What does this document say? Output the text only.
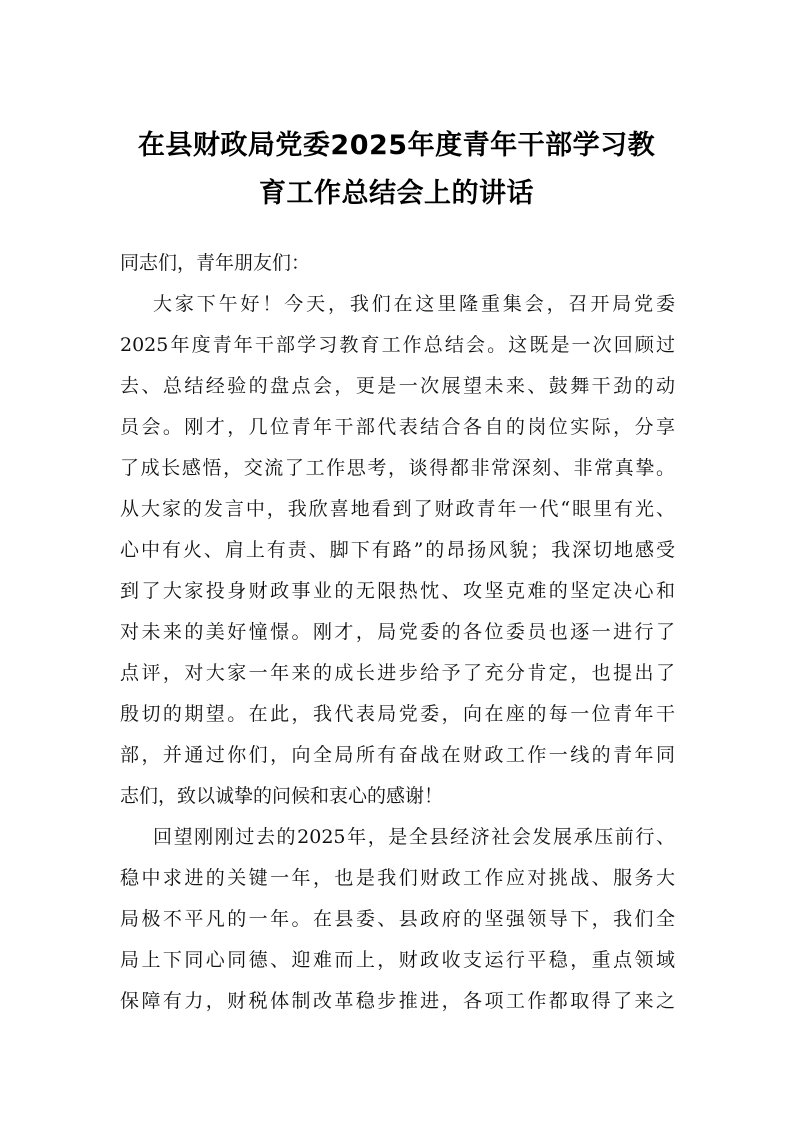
在县财政局党委2025年度青年干部学习教
育工作总结会上的讲话
同志们，青年朋友们：
大家下午好！今天，我们在这里隆重集会，召开局党委
2025年度青年干部学习教育工作总结会。这既是一次回顾过
去、总结经验的盘点会，更是一次展望未来、鼓舞干劲的动
员会。刚才，几位青年干部代表结合各自的岗位实际，分享
了成长感悟，交流了工作思考，谈得都非常深刻、非常真挚。
从大家的发言中，我欣喜地看到了财政青年一代“眼里有光、
心中有火、肩上有责、脚下有路”的昂扬风貌；我深切地感受
到了大家投身财政事业的无限热忱、攻坚克难的坚定决心和
对未来的美好憧憬。刚才，局党委的各位委员也逐一进行了
点评，对大家一年来的成长进步给予了充分肯定，也提出了
殷切的期望。在此，我代表局党委，向在座的每一位青年干
部，并通过你们，向全局所有奋战在财政工作一线的青年同
志们，致以诚挚的问候和衷心的感谢！
回望刚刚过去的2025年，是全县经济社会发展承压前行、
稳中求进的关键一年，也是我们财政工作应对挑战、服务大
局极不平凡的一年。在县委、县政府的坚强领导下，我们全
局上下同心同德、迎难而上，财政收支运行平稳，重点领域
保障有力，财税体制改革稳步推进，各项工作都取得了来之
